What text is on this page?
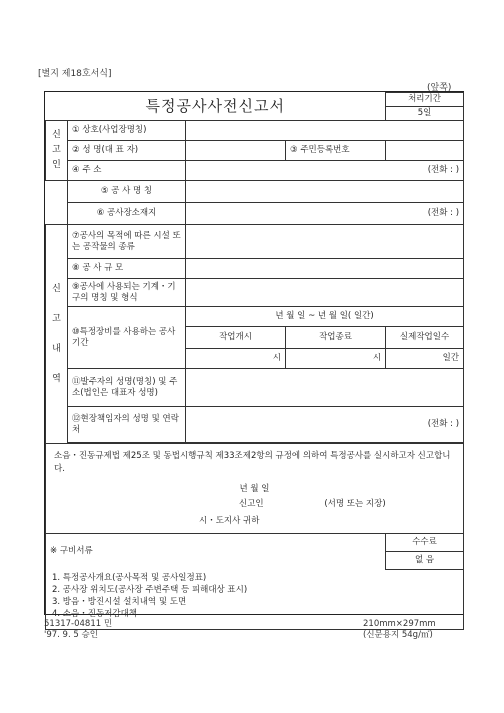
[별지 제18호서식]
(앞쪽)
특정공사사전신고서				처리기간
				5일
신
고
인	① 상호(사업장명칭)			
	② 성 명(대 표 자)		③ 주민등록번호	
	④ 주 소	(전화 : )		
	⑤ 공 사 명 칭			
	⑥ 공사장소재지	(전화 : )		
신

고

내

역	⑦공사의 목적에 따른 시설 또는 공작물의 종류			
	⑧ 공 사 규 모			
	⑨공사에 사용되는 기계・기구의 명칭 및 형식			
	⑩특정장비를 사용하는 공사기간	년 월 일 ~ 년 월 일( 일간)		
		작업개시	작업종료	실제작업일수
		시	시	일간
	⑪발주자의 성명(명칭) 및 주소(법인은 대표자 성명)			
	⑫현장책임자의 성명 및 연락처	(전화 : )		

소음・진동규제법 제25조 및 동법시행규칙 제33조제2항의 규정에 의하여 특정공사를 실시하고자 신고합니다.
년 월 일
신고인 (서명 또는 지장)
시・도지사 귀하				

※ 구비서류				수수료
				없 음

1. 특정공사개요(공사목적 및 공사일정표)
2. 공사장 위치도(공사장 주변주택 등 피해대상 표시)
3. 방음・방진시설 설치내역 및 도면
4. 소음・진동저감대책				
51317-04811 민
'97. 9. 5 승인
210mm×297mm
(신문용지 54g/㎡)
